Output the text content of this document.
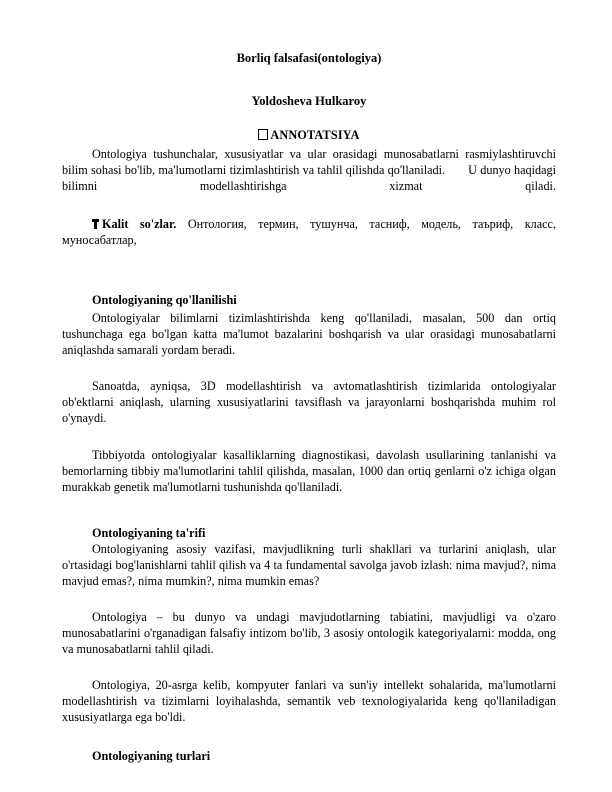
Borliq falsafasi(ontologiya)
Yoldosheva Hulkaroy
ANNOTATSIYA

Ontologiya tushunchalar, xususiyatlar va ular orasidagi munosabatlarni rasmiylashtiruvchi bilim sohasi bo'lib, ma'lumotlarni tizimlashtirish va tahlil qilishda qo'llaniladi.       U dunyo haqidagi bilimni modellashtirishga xizmat qiladi.

Kalit so'zlar. Онтология, термин, тушунча, тасниф, модель, таъриф, класс, муносабатлар,

Ontologiyaning qo'llanilishi

Ontologiyalar bilimlarni tizimlashtirishda keng qo'llaniladi, masalan, 500 dan ortiq tushunchaga ega bo'lgan katta ma'lumot bazalarini boshqarish va ular orasidagi munosabatlarni aniqlashda samarali yordam beradi.

Sanoatda, ayniqsa, 3D modellashtirish va avtomatlashtirish tizimlarida ontologiyalar ob'ektlarni aniqlash, ularning xususiyatlarini tavsiflash va jarayonlarni boshqarishda muhim rol o'ynaydi.

Tibbiyotda ontologiyalar kasalliklarning diagnostikasi, davolash usullarining tanlanishi va bemorlarning tibbiy ma'lumotlarini tahlil qilishda, masalan, 1000 dan ortiq genlarni o'z ichiga olgan murakkab genetik ma'lumotlarni tushunishda qo'llaniladi.

Ontologiyaning ta'rifi

Ontologiyaning asosiy vazifasi, mavjudlikning turli shakllari va turlarini aniqlash, ular o'rtasidagi bog'lanishlarni tahlil qilish va 4 ta fundamental savolga javob izlash: nima mavjud?, nima mavjud emas?, nima mumkin?, nima mumkin emas?

Ontologiya – bu dunyo va undagi mavjudotlarning tabiatini, mavjudligi va o'zaro munosabatlarini o'rganadigan falsafiy intizom bo'lib, 3 asosiy ontologik kategoriyalarni: modda, ong va munosabatlarni tahlil qiladi.

Ontologiya, 20-asrga kelib, kompyuter fanlari va sun'iy intellekt sohalarida, ma'lumotlarni modellashtirish va tizimlarni loyihalashda, semantik veb texnologiyalarida keng qo'llaniladigan xususiyatlarga ega bo'ldi.

Ontologiyaning turlari
